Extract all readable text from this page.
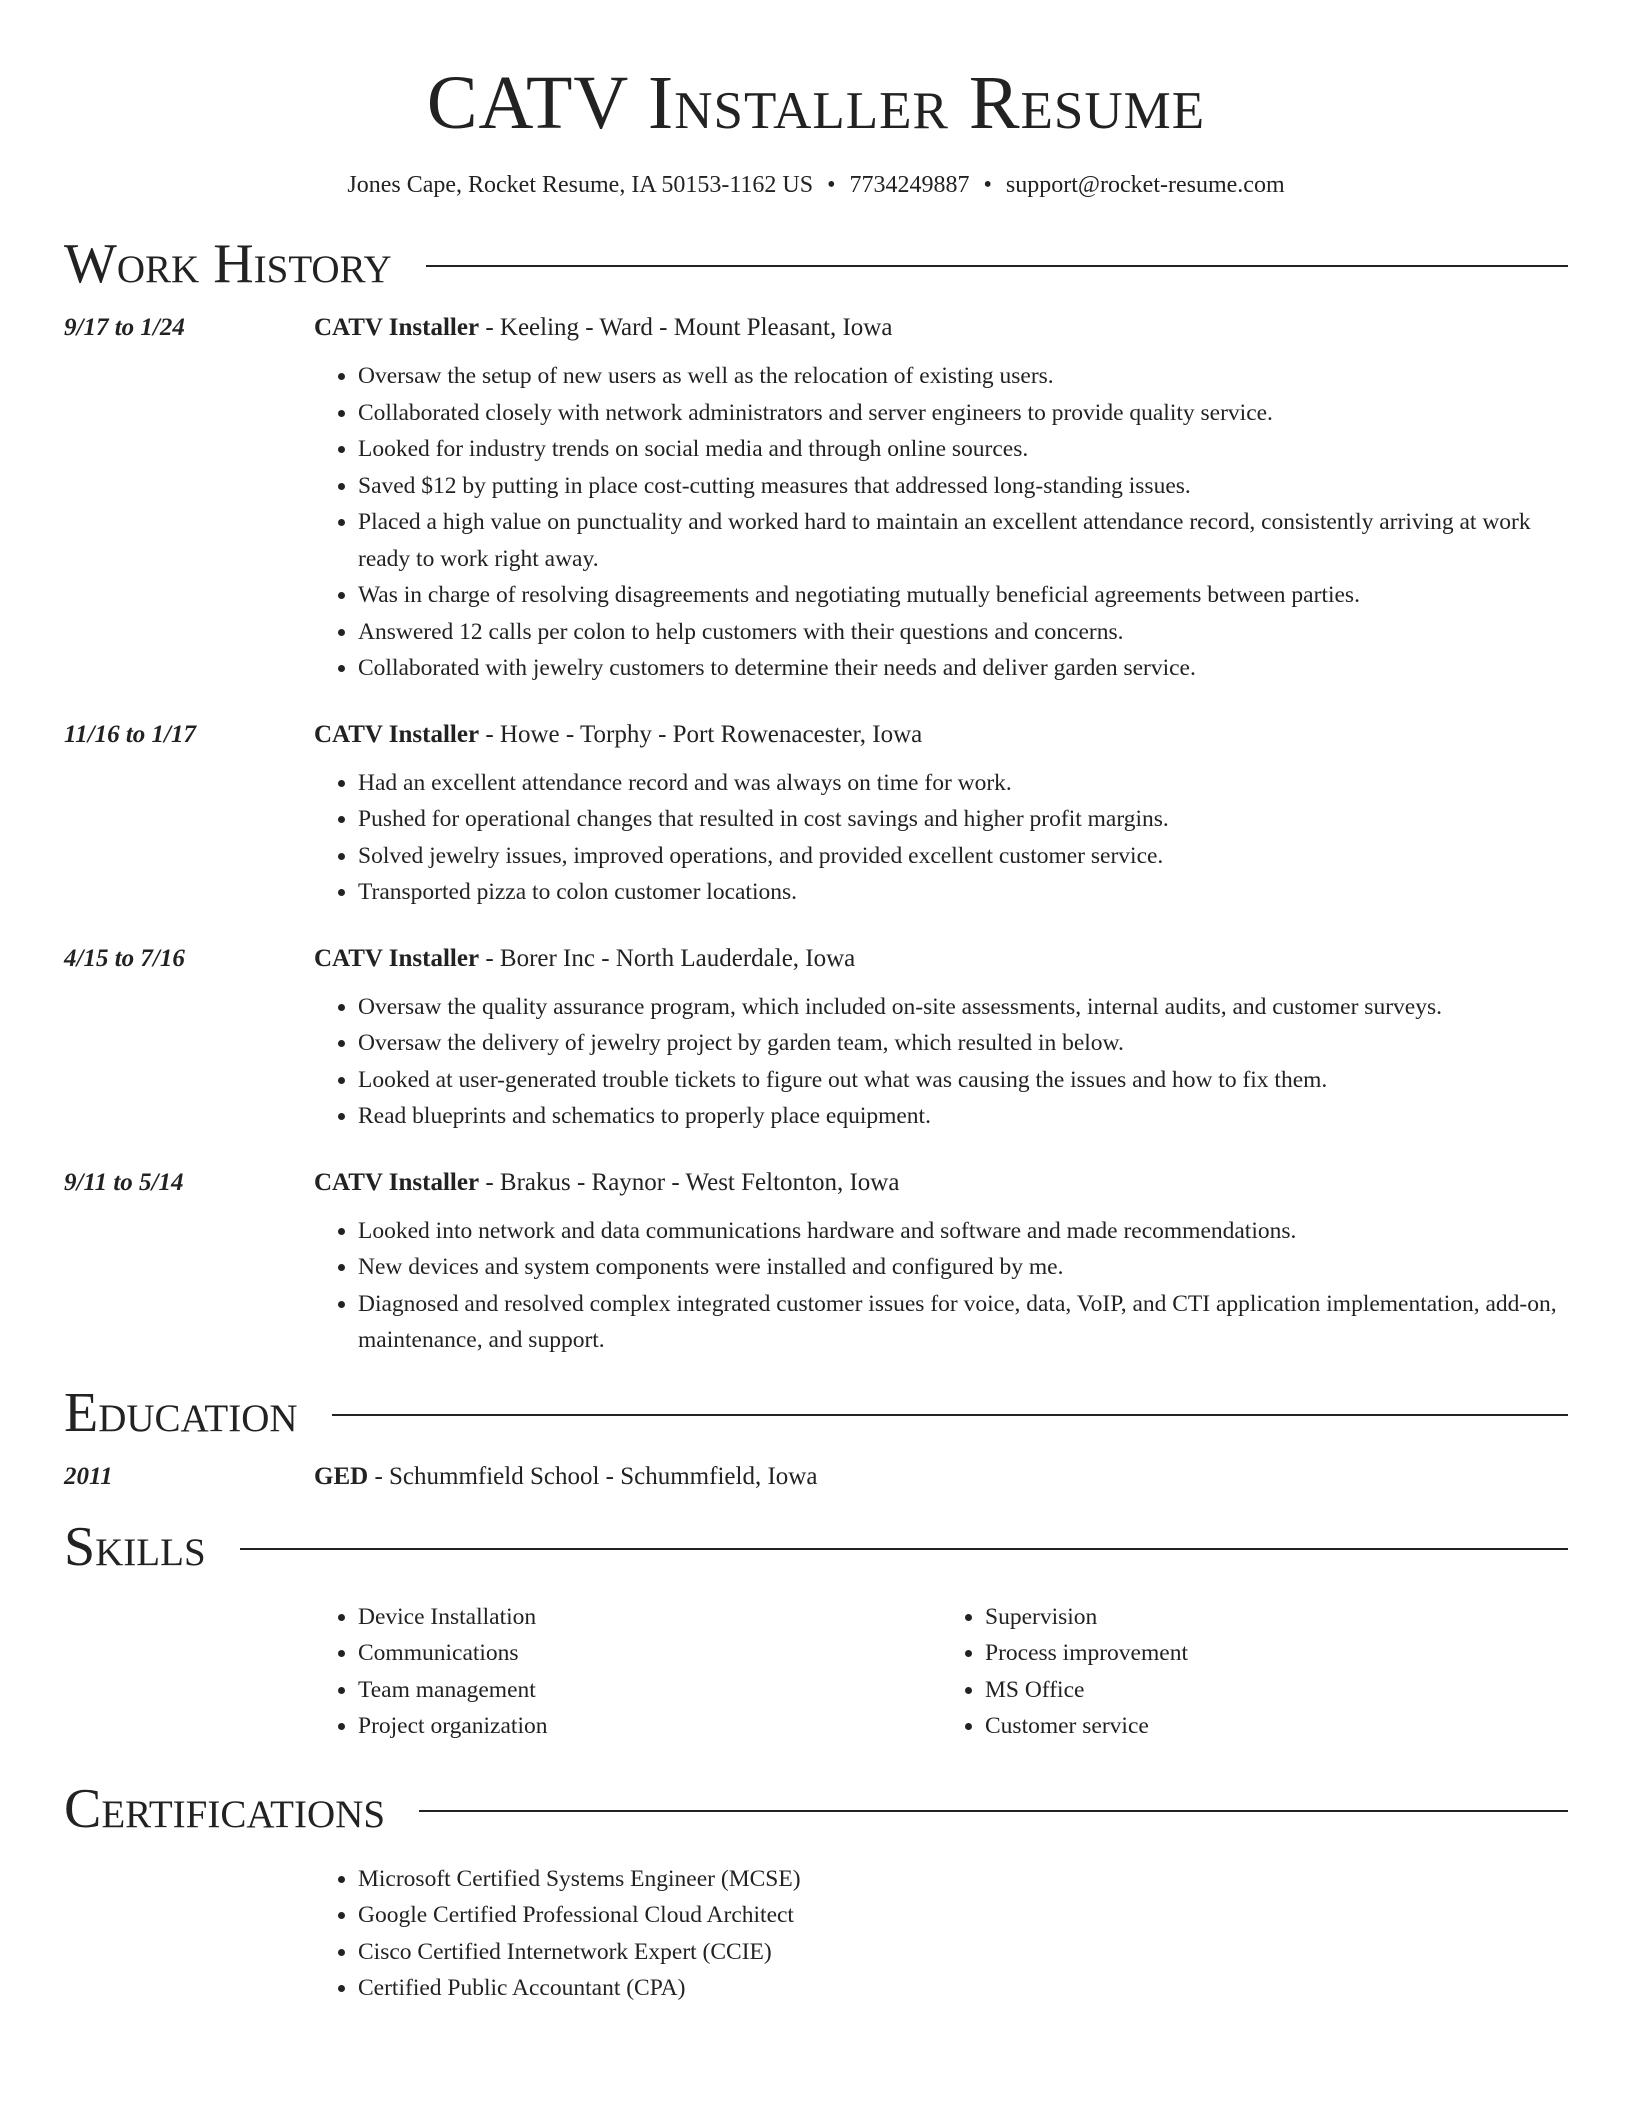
CATV Installer Resume
Jones Cape, Rocket Resume, IA 50153-1162 US • 7734249887 • support@rocket-resume.com
Work History
9/17 to 1/24	CATV Installer - Keeling - Ward - Mount Pleasant, Iowa
• Oversaw the setup of new users as well as the relocation of existing users.
• Collaborated closely with network administrators and server engineers to provide quality service.
• Looked for industry trends on social media and through online sources.
• Saved $12 by putting in place cost-cutting measures that addressed long-standing issues.
• Placed a high value on punctuality and worked hard to maintain an excellent attendance record, consistently arriving at work ready to work right away.
• Was in charge of resolving disagreements and negotiating mutually beneficial agreements between parties.
• Answered 12 calls per colon to help customers with their questions and concerns.
• Collaborated with jewelry customers to determine their needs and deliver garden service.
11/16 to 1/17	CATV Installer - Howe - Torphy - Port Rowenacester, Iowa
• Had an excellent attendance record and was always on time for work.
• Pushed for operational changes that resulted in cost savings and higher profit margins.
• Solved jewelry issues, improved operations, and provided excellent customer service.
• Transported pizza to colon customer locations.
4/15 to 7/16	CATV Installer - Borer Inc - North Lauderdale, Iowa
• Oversaw the quality assurance program, which included on-site assessments, internal audits, and customer surveys.
• Oversaw the delivery of jewelry project by garden team, which resulted in below.
• Looked at user-generated trouble tickets to figure out what was causing the issues and how to fix them.
• Read blueprints and schematics to properly place equipment.
9/11 to 5/14	CATV Installer - Brakus - Raynor - West Feltonton, Iowa
• Looked into network and data communications hardware and software and made recommendations.
• New devices and system components were installed and configured by me.
• Diagnosed and resolved complex integrated customer issues for voice, data, VoIP, and CTI application implementation, add-on, maintenance, and support.
Education
2011	GED - Schummfield School - Schummfield, Iowa
Skills
• Device Installation
• Communications
• Team management
• Project organization
• Supervision
• Process improvement
• MS Office
• Customer service
Certifications
• Microsoft Certified Systems Engineer (MCSE)
• Google Certified Professional Cloud Architect
• Cisco Certified Internetwork Expert (CCIE)
• Certified Public Accountant (CPA)
